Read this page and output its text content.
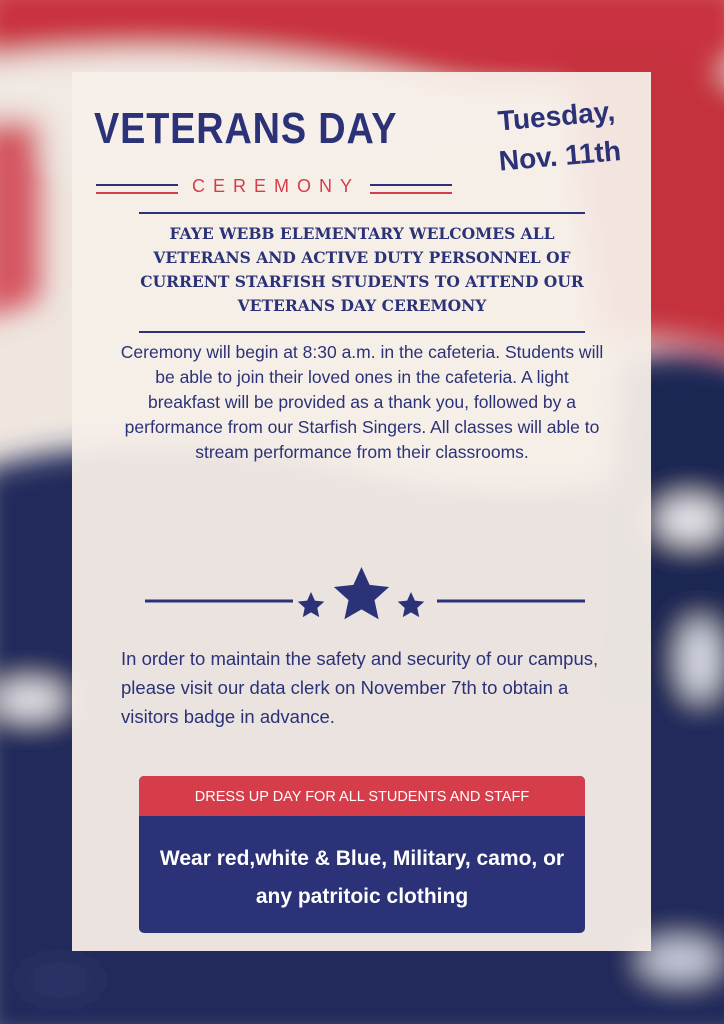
VETERANS DAY
CEREMONY
Tuesday,
Nov. 11th
FAYE WEBB ELEMENTARY WELCOMES ALL VETERANS AND ACTIVE DUTY PERSONNEL OF CURRENT STARFISH STUDENTS TO ATTEND OUR VETERANS DAY CEREMONY
Ceremony will begin at 8:30 a.m. in the cafeteria. Students will be able to join their loved ones in the cafeteria. A light breakfast will be provided as a thank you, followed by a performance from our Starfish Singers. All classes will able to stream performance from their classrooms.
In order to maintain the safety and security of our campus, please visit our data clerk on November 7th to obtain a visitors badge in advance.
DRESS UP DAY FOR ALL STUDENTS AND STAFF
Wear red,white & Blue, Military, camo, or any patritoic clothing
